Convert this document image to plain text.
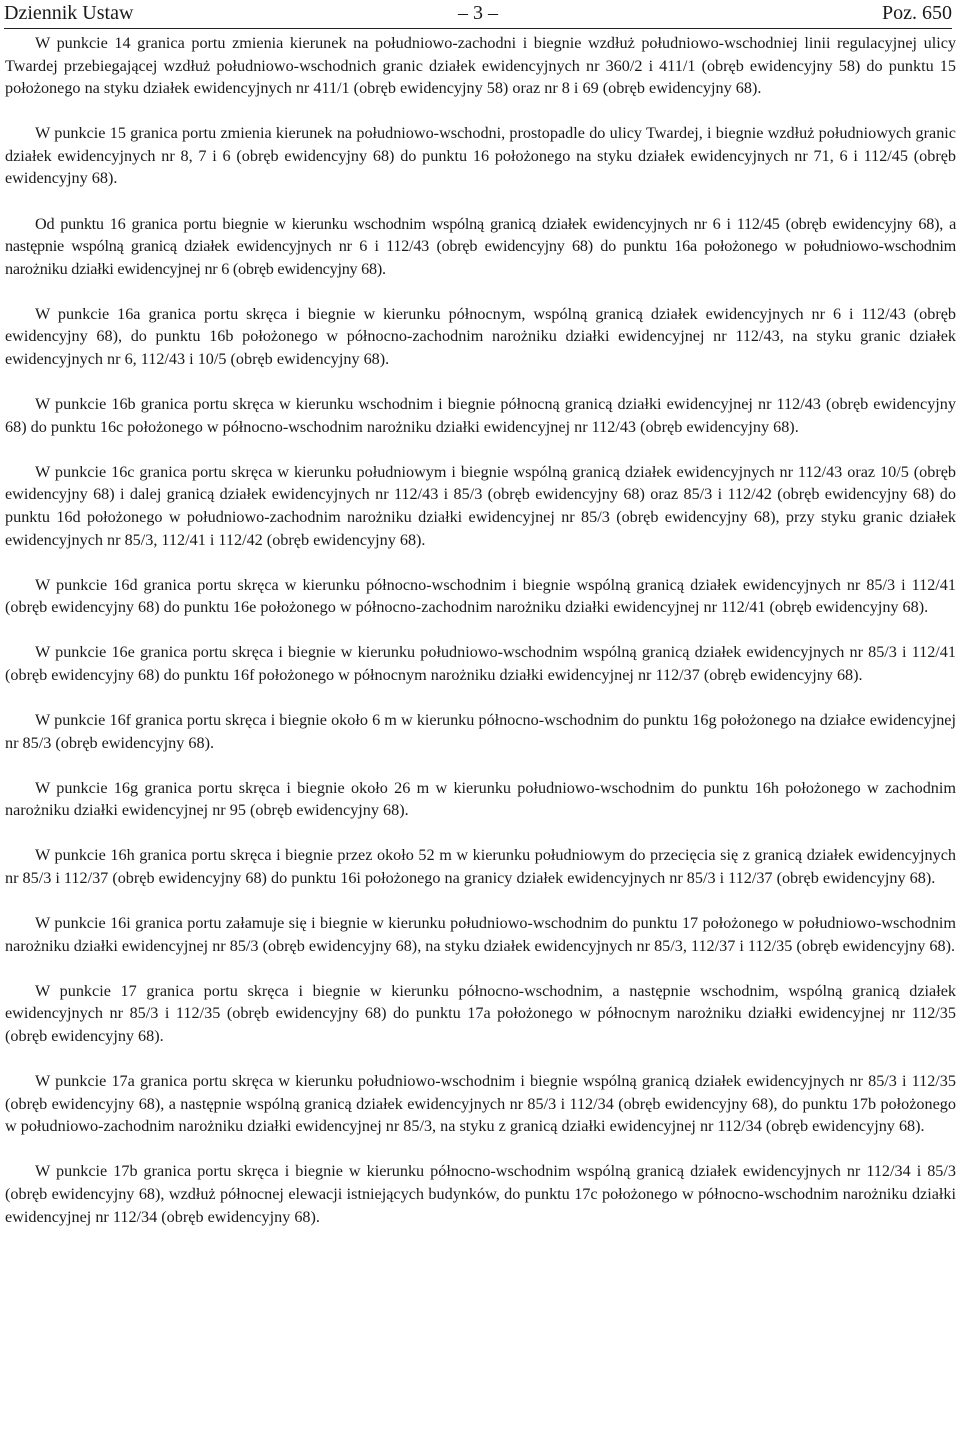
Dziennik Ustaw	– 3 –	Poz. 650

W punkcie 14 granica portu zmienia kierunek na południowo-zachodni i biegnie wzdłuż południowo-wschodniej linii regulacyjnej ulicy Twardej przebiegającej wzdłuż południowo-wschodnich granic działek ewidencyjnych nr 360/2 i 411/1 (obręb ewidencyjny 58) do punktu 15 położonego na styku działek ewidencyjnych nr 411/1 (obręb ewidencyjny 58) oraz nr 8 i 69 (obręb ewidencyjny 68).

W punkcie 15 granica portu zmienia kierunek na południowo-wschodni, prostopadle do ulicy Twardej, i biegnie wzdłuż południowych granic działek ewidencyjnych nr 8, 7 i 6 (obręb ewidencyjny 68) do punktu 16 położonego na styku działek ewidencyjnych nr 71, 6 i 112/45 (obręb ewidencyjny 68).

Od punktu 16 granica portu biegnie w kierunku wschodnim wspólną granicą działek ewidencyjnych nr 6 i 112/45 (obręb ewidencyjny 68), a następnie wspólną granicą działek ewidencyjnych nr 6 i 112/43 (obręb ewidencyjny 68) do punktu 16a położonego w południowo-wschodnim narożniku działki ewidencyjnej nr 6 (obręb ewidencyjny 68).

W punkcie 16a granica portu skręca i biegnie w kierunku północnym, wspólną granicą działek ewidencyjnych nr 6 i 112/43 (obręb ewidencyjny 68), do punktu 16b położonego w północno-zachodnim narożniku działki ewidencyjnej nr 112/43, na styku granic działek ewidencyjnych nr 6, 112/43 i 10/5 (obręb ewidencyjny 68).

W punkcie 16b granica portu skręca w kierunku wschodnim i biegnie północną granicą działki ewidencyjnej nr 112/43 (obręb ewidencyjny 68) do punktu 16c położonego w północno-wschodnim narożniku działki ewidencyjnej nr 112/43 (obręb ewidencyjny 68).

W punkcie 16c granica portu skręca w kierunku południowym i biegnie wspólną granicą działek ewidencyjnych nr 112/43 oraz 10/5 (obręb ewidencyjny 68) i dalej granicą działek ewidencyjnych nr 112/43 i 85/3 (obręb ewidencyjny 68) oraz 85/3 i 112/42 (obręb ewidencyjny 68) do punktu 16d położonego w południowo-zachodnim narożniku działki ewidencyjnej nr 85/3 (obręb ewidencyjny 68), przy styku granic działek ewidencyjnych nr 85/3, 112/41 i 112/42 (obręb ewidencyjny 68).

W punkcie 16d granica portu skręca w kierunku północno-wschodnim i biegnie wspólną granicą działek ewidencyjnych nr 85/3 i 112/41 (obręb ewidencyjny 68) do punktu 16e położonego w północno-zachodnim narożniku działki ewidencyjnej nr 112/41 (obręb ewidencyjny 68).

W punkcie 16e granica portu skręca i biegnie w kierunku południowo-wschodnim wspólną granicą działek ewidencyjnych nr 85/3 i 112/41 (obręb ewidencyjny 68) do punktu 16f położonego w północnym narożniku działki ewidencyjnej nr 112/37 (obręb ewidencyjny 68).

W punkcie 16f granica portu skręca i biegnie około 6 m w kierunku północno-wschodnim do punktu 16g położonego na działce ewidencyjnej nr 85/3 (obręb ewidencyjny 68).

W punkcie 16g granica portu skręca i biegnie około 26 m w kierunku południowo-wschodnim do punktu 16h położonego w zachodnim narożniku działki ewidencyjnej nr 95 (obręb ewidencyjny 68).

W punkcie 16h granica portu skręca i biegnie przez około 52 m w kierunku południowym do przecięcia się z granicą działek ewidencyjnych nr 85/3 i 112/37 (obręb ewidencyjny 68) do punktu 16i położonego na granicy działek ewidencyjnych nr 85/3 i 112/37 (obręb ewidencyjny 68).

W punkcie 16i granica portu załamuje się i biegnie w kierunku południowo-wschodnim do punktu 17 położonego w południowo-wschodnim narożniku działki ewidencyjnej nr 85/3 (obręb ewidencyjny 68), na styku działek ewidencyjnych nr 85/3, 112/37 i 112/35 (obręb ewidencyjny 68).

W punkcie 17 granica portu skręca i biegnie w kierunku północno-wschodnim, a następnie wschodnim, wspólną granicą działek ewidencyjnych nr 85/3 i 112/35 (obręb ewidencyjny 68) do punktu 17a położonego w północnym narożniku działki ewidencyjnej nr 112/35 (obręb ewidencyjny 68).

W punkcie 17a granica portu skręca w kierunku południowo-wschodnim i biegnie wspólną granicą działek ewidencyjnych nr 85/3 i 112/35 (obręb ewidencyjny 68), a następnie wspólną granicą działek ewidencyjnych nr 85/3 i 112/34 (obręb ewidencyjny 68), do punktu 17b położonego w południowo-zachodnim narożniku działki ewidencyjnej nr 85/3, na styku z granicą działki ewidencyjnej nr 112/34 (obręb ewidencyjny 68).

W punkcie 17b granica portu skręca i biegnie w kierunku północno-wschodnim wspólną granicą działek ewidencyjnych nr 112/34 i 85/3 (obręb ewidencyjny 68), wzdłuż północnej elewacji istniejących budynków, do punktu 17c położonego w północno-wschodnim narożniku działki ewidencyjnej nr 112/34 (obręb ewidencyjny 68).
